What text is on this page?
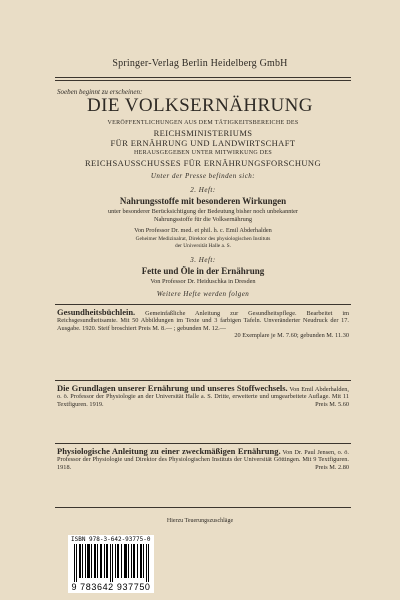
Springer-Verlag Berlin Heidelberg GmbH
Soeben beginnt zu erscheinen:
DIE VOLKSERNÄHRUNG
VERÖFFENTLICHUNGEN AUS DEM TÄTIGKEITSBEREICHE DES
REICHSMINISTERIUMS
FÜR ERNÄHRUNG UND LANDWIRTSCHAFT
HERAUSGEGEBEN UNTER MITWIRKUNG DES
REICHSAUSSCHUSSES FÜR ERNÄHRUNGSFORSCHUNG
Unter der Presse befinden sich:
2. Heft:
Nahrungsstoffe mit besonderen Wirkungen
unter besonderer Berücksichtigung der Bedeutung bisher noch unbekannter
Nahrungsstoffe für die Volksernährung
Von Professor Dr. med. et phil. h. c. Emil Abderhalden
Geheimer Medizinalrat, Direktor des physiologischen Instituts
der Universität Halle a. S.
3. Heft:
Fette und Öle in der Ernährung
Von Professor Dr. Heiduschka in Dresden
Weitere Hefte werden folgen
Gesundheitsbüchlein. Gemeinfaßliche Anleitung zur Gesundheitspflege. Bearbeitet im Reichsgesundheitsamte. Mit 50 Abbildungen im Texte und 3 farbigen Tafeln. Unveränderter Neudruck der 17. Ausgabe. 1920. Steif broschiert Preis M. 8.— ; gebunden M. 12.—

20 Exemplare je M. 7.60; gebunden M. 11.30
Die Grundlagen unserer Ernährung und unseres Stoffwechsels. Von Emil Abderhalden, o. ö. Professor der Physiologie an der Universität Halle a. S. Dritte, erweiterte und umgearbeitete Auflage. Mit 11 Textfiguren. 1919.	Preis M. 5.60
Physiologische Anleitung zu einer zweckmäßigen Ernährung. Von Dr. Paul Jensen, o. ö. Professor der Physiologie und Direktor des Physiologischen Instituts der Universität Göttingen. Mit 9 Textfiguren. 1918.	Preis M. 2.80
Hierzu Teuerungszuschläge
ISBN 978-3-642-93775-0
9 783642 937750
